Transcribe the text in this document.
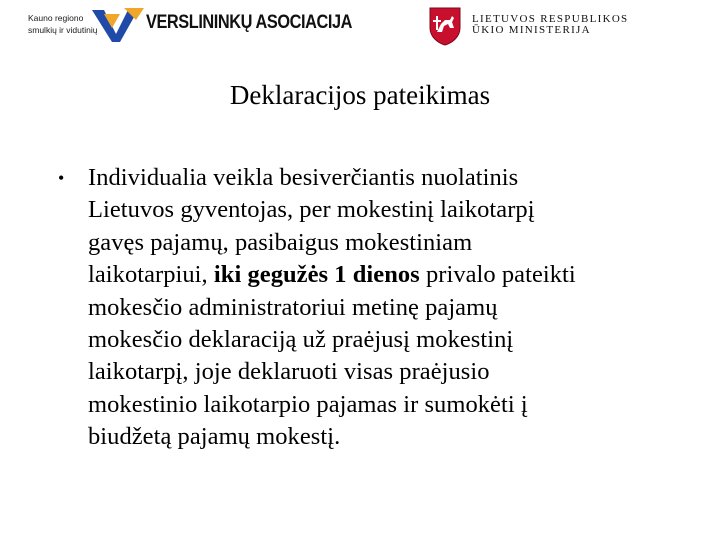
Kauno regiono
smulkių ir vidutinių	VERSLININKŲ ASOCIACIJA	LIETUVOS RESPUBLIKOS
ŪKIO MINISTERIJA
Deklaracijos pateikimas
• Individualia veikla besiverčiantis nuolatinis
Lietuvos gyventojas, per mokestinį laikotarpį
gavęs pajamų, pasibaigus mokestiniam
laikotarpiui, iki gegužės 1 dienos privalo pateikti
mokesčio administratoriui metinę pajamų
mokesčio deklaraciją už praėjusį mokestinį
laikotarpį, joje deklaruoti visas praėjusio
mokestinio laikotarpio pajamas ir sumokėti į
biudžetą pajamų mokestį.
